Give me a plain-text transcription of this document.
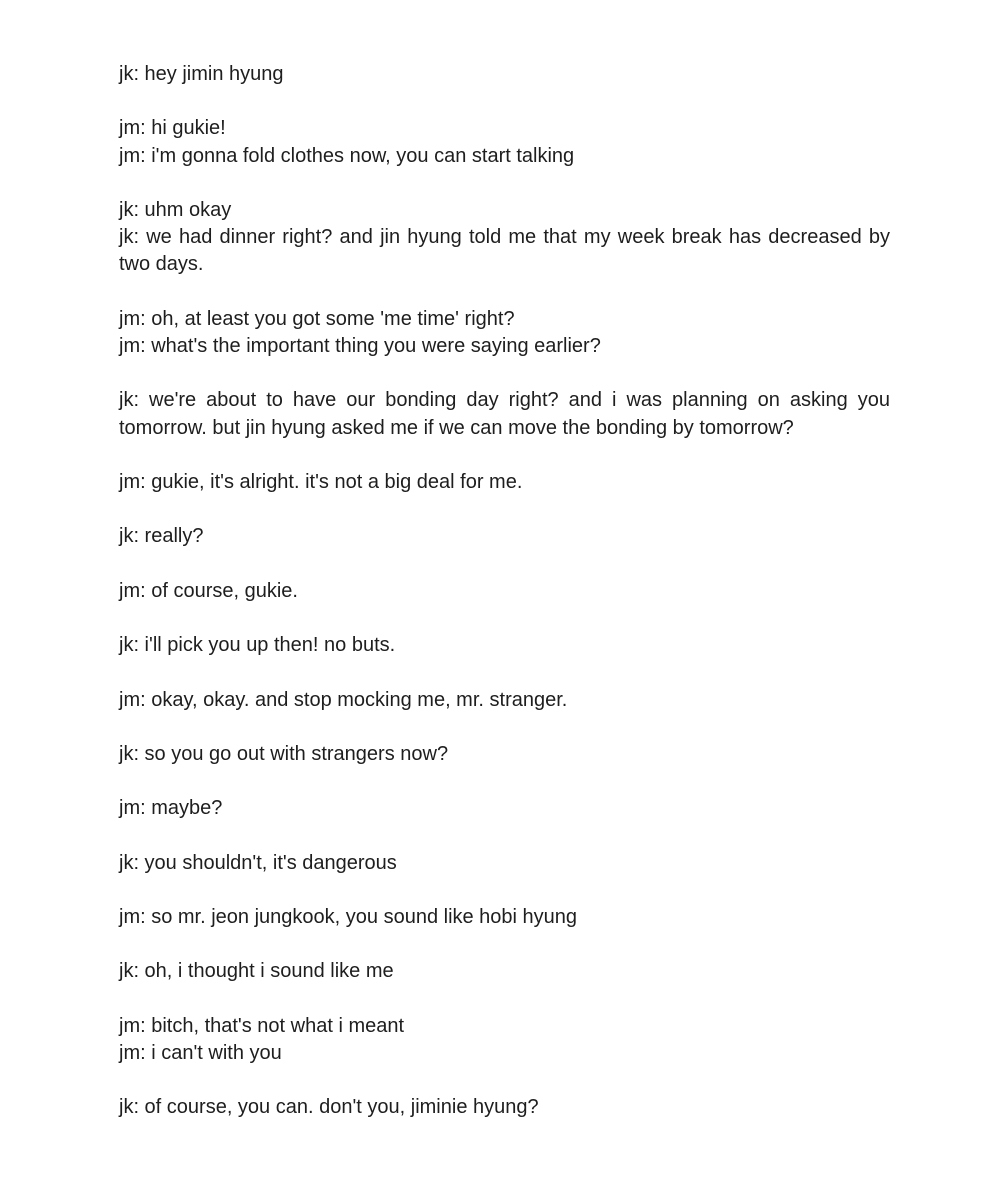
jk: hey jimin hyung
jm: hi gukie!
jm: i'm gonna fold clothes now, you can start talking
jk: uhm okay
jk: we had dinner right? and jin hyung told me that my week break has decreased by two days.
jm: oh, at least you got some 'me time' right?
jm: what's the important thing you were saying earlier?
jk: we're about to have our bonding day right? and i was planning on asking you tomorrow. but jin hyung asked me if we can move the bonding by tomorrow?
jm: gukie, it's alright. it's not a big deal for me.
jk: really?
jm: of course, gukie.
jk: i'll pick you up then! no buts.
jm: okay, okay. and stop mocking me, mr. stranger.
jk: so you go out with strangers now?
jm: maybe?
jk: you shouldn't, it's dangerous
jm: so mr. jeon jungkook, you sound like hobi hyung
jk: oh, i thought i sound like me
jm: bitch, that's not what i meant
jm: i can't with you
jk: of course, you can. don't you, jiminie hyung?
